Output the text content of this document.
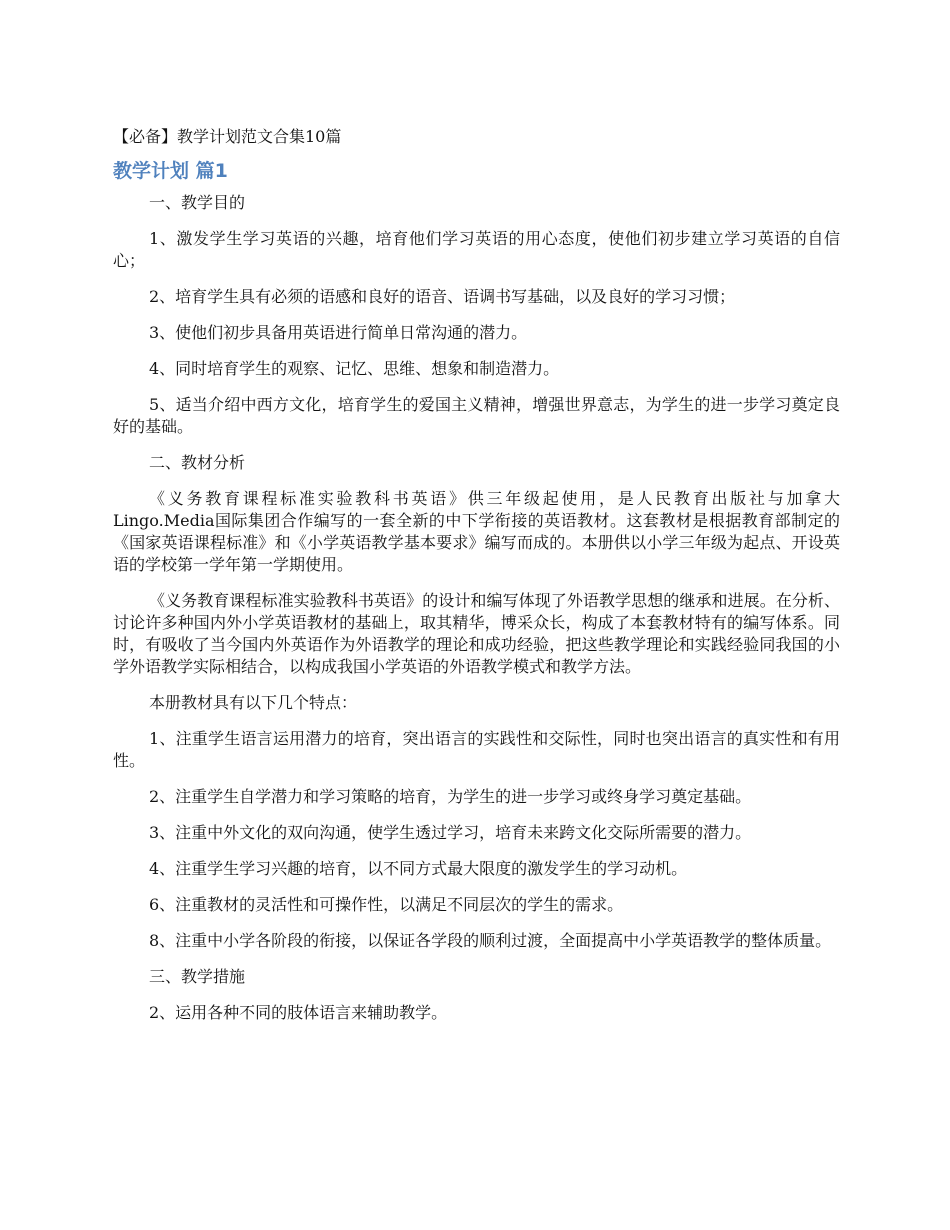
【必备】教学计划范文合集10篇
教学计划 篇1

一、教学目的

1、激发学生学习英语的兴趣，培育他们学习英语的用心态度，使他们初步建立学习英语的自信心；

2、培育学生具有必须的语感和良好的语音、语调书写基础，以及良好的学习习惯；

3、使他们初步具备用英语进行简单日常沟通的潜力。

4、同时培育学生的观察、记忆、思维、想象和制造潜力。

5、适当介绍中西方文化，培育学生的爱国主义精神，增强世界意志，为学生的进一步学习奠定良好的基础。

二、教材分析

《义务教育课程标准实验教科书英语》供三年级起使用，是人民教育出版社与加拿大Lingo.Media国际集团合作编写的一套全新的中下学衔接的英语教材。这套教材是根据教育部制定的《国家英语课程标准》和《小学英语教学基本要求》编写而成的。本册供以小学三年级为起点、开设英语的学校第一学年第一学期使用。

《义务教育课程标准实验教科书英语》的设计和编写体现了外语教学思想的继承和进展。在分析、讨论许多种国内外小学英语教材的基础上，取其精华，博采众长，构成了本套教材特有的编写体系。同时，有吸收了当今国内外英语作为外语教学的理论和成功经验，把这些教学理论和实践经验同我国的小学外语教学实际相结合，以构成我国小学英语的外语教学模式和教学方法。

本册教材具有以下几个特点：

1、注重学生语言运用潜力的培育，突出语言的实践性和交际性，同时也突出语言的真实性和有用性。

2、注重学生自学潜力和学习策略的培育，为学生的进一步学习或终身学习奠定基础。

3、注重中外文化的双向沟通，使学生透过学习，培育未来跨文化交际所需要的潜力。

4、注重学生学习兴趣的培育，以不同方式最大限度的激发学生的学习动机。

6、注重教材的灵活性和可操作性，以满足不同层次的学生的需求。

8、注重中小学各阶段的衔接，以保证各学段的顺利过渡，全面提高中小学英语教学的整体质量。

三、教学措施

2、运用各种不同的肢体语言来辅助教学。
